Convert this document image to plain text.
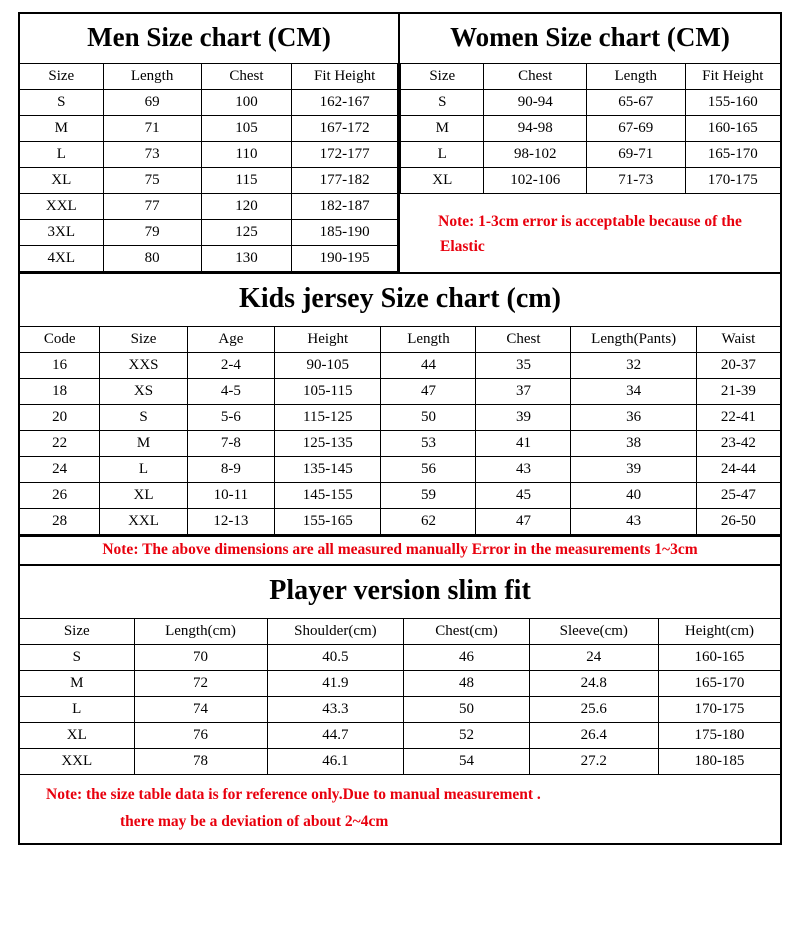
Men Size chart (CM)
Size	Length	Chest	Fit Height
S	69	100	162-167
M	71	105	167-172
L	73	110	172-177
XL	75	115	177-182
XXL	77	120	182-187
3XL	79	125	185-190
4XL	80	130	190-195
Women Size chart (CM)
Size	Chest	Length	Fit Height
S	90-94	65-67	155-160
M	94-98	67-69	160-165
L	98-102	69-71	165-170
XL	102-106	71-73	170-175
Note: 1-3cm error is acceptable because of the
Elastic
Kids jersey Size chart (cm)
Code	Size	Age	Height	Length	Chest	Length(Pants)	Waist
16	XXS	2-4	90-105	44	35	32	20-37
18	XS	4-5	105-115	47	37	34	21-39
20	S	5-6	115-125	50	39	36	22-41
22	M	7-8	125-135	53	41	38	23-42
24	L	8-9	135-145	56	43	39	24-44
26	XL	10-11	145-155	59	45	40	25-47
28	XXL	12-13	155-165	62	47	43	26-50
Note: The above dimensions are all measured manually Error in the measurements 1~3cm
Player version slim fit
Size	Length(cm)	Shoulder(cm)	Chest(cm)	Sleeve(cm)	Height(cm)
S	70	40.5	46	24	160-165
M	72	41.9	48	24.8	165-170
L	74	43.3	50	25.6	170-175
XL	76	44.7	52	26.4	175-180
XXL	78	46.1	54	27.2	180-185
Note: the size table data is for reference only.Due to manual measurement .
there may be a deviation of about 2~4cm
